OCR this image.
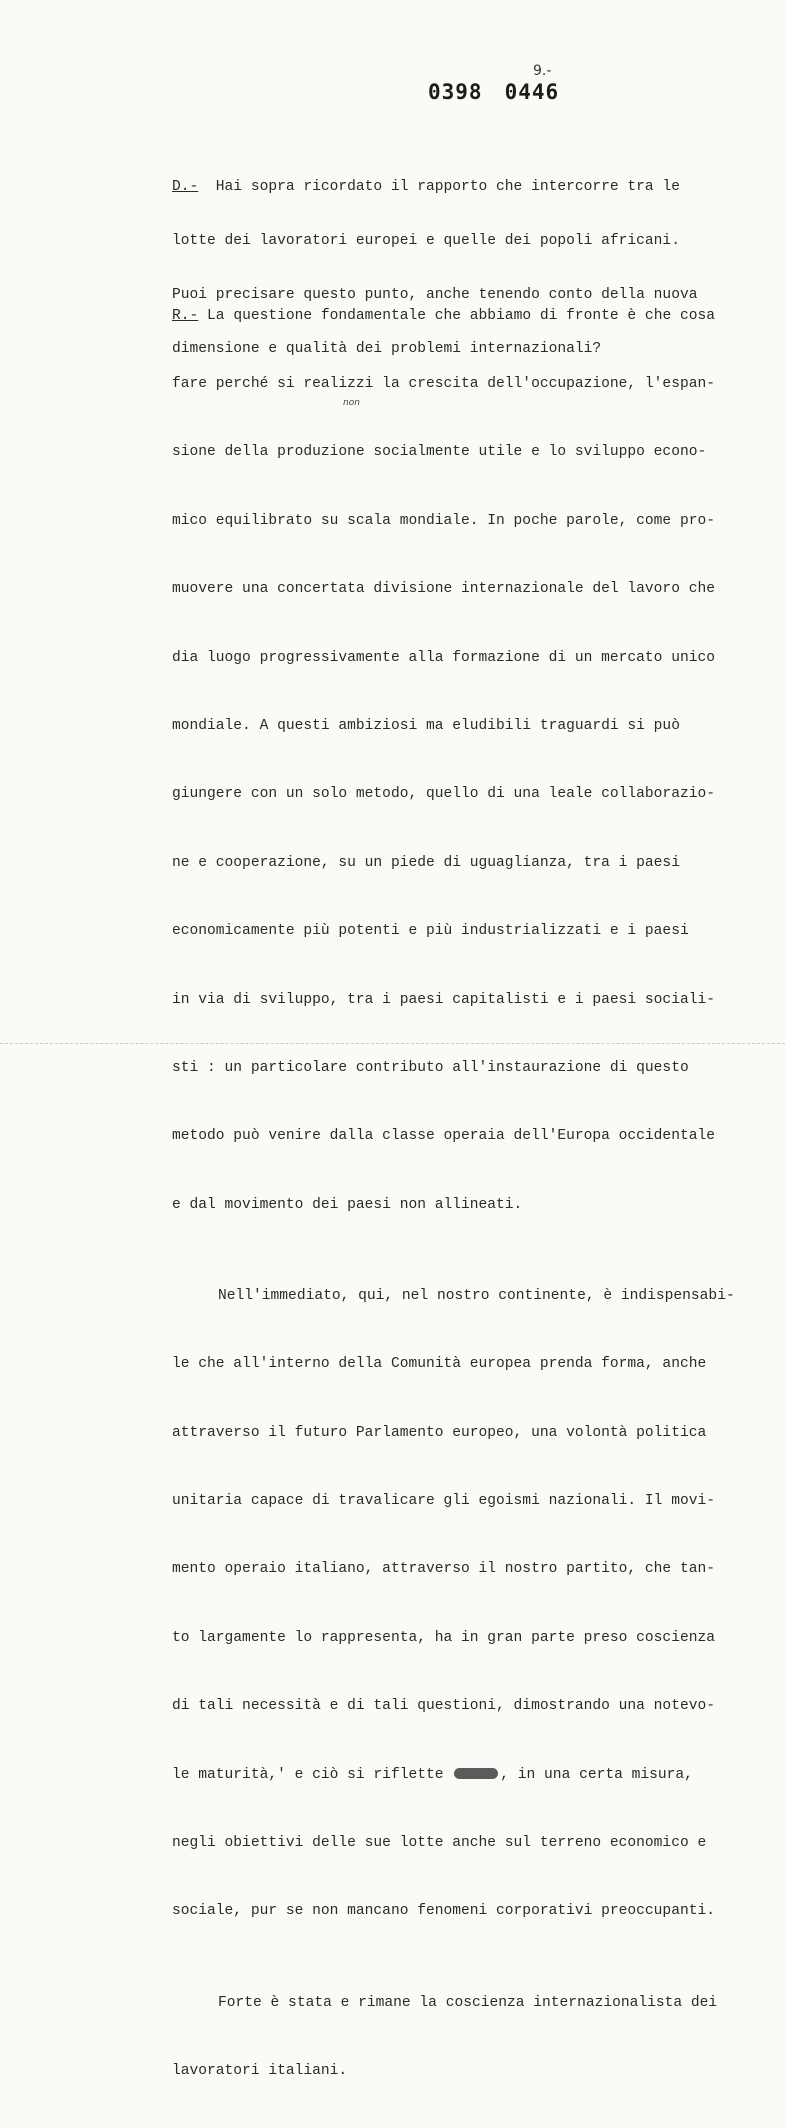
9.-
0398 0446

D.- Hai sopra ricordato il rapporto che intercorre tra le

lotte dei lavoratori europei e quelle dei popoli africani.

Puoi precisare questo punto, anche tenendo conto della nuova

dimensione e qualità dei problemi internazionali?

non

R.- La questione fondamentale che abbiamo di fronte è che cosa

fare perché si realizzi la crescita dell'occupazione, l'espan-

sione della produzione socialmente utile e lo sviluppo econo-

mico equilibrato su scala mondiale. In poche parole, come pro-

muovere una concertata divisione internazionale del lavoro che

dia luogo progressivamente alla formazione di un mercato unico

mondiale. A questi ambiziosi ma eludibili traguardi si può

giungere con un solo metodo, quello di una leale collaborazio-

ne e cooperazione, su un piede di uguaglianza, tra i paesi

economicamente più potenti e più industrializzati e i paesi

in via di sviluppo, tra i paesi capitalisti e i paesi sociali-

sti : un particolare contributo all'instaurazione di questo

metodo può venire dalla classe operaia dell'Europa occidentale

e dal movimento dei paesi non allineati.

Nell'immediato, qui, nel nostro continente, è indispensabi-

le che all'interno della Comunità europea prenda forma, anche

attraverso il futuro Parlamento europeo, una volontà politica

unitaria capace di travalicare gli egoismi nazionali. Il movi-

mento operaio italiano, attraverso il nostro partito, che tan-

to largamente lo rappresenta, ha in gran parte preso coscienza

di tali necessità e di tali questioni, dimostrando una notevo-

le maturità,' e ciò si riflette	, in una certa misura,

negli obiettivi delle sue lotte anche sul terreno economico e

sociale, pur se non mancano fenomeni corporativi preoccupanti.

Forte è stata e rimane la coscienza internazionalista dei

lavoratori italiani.
